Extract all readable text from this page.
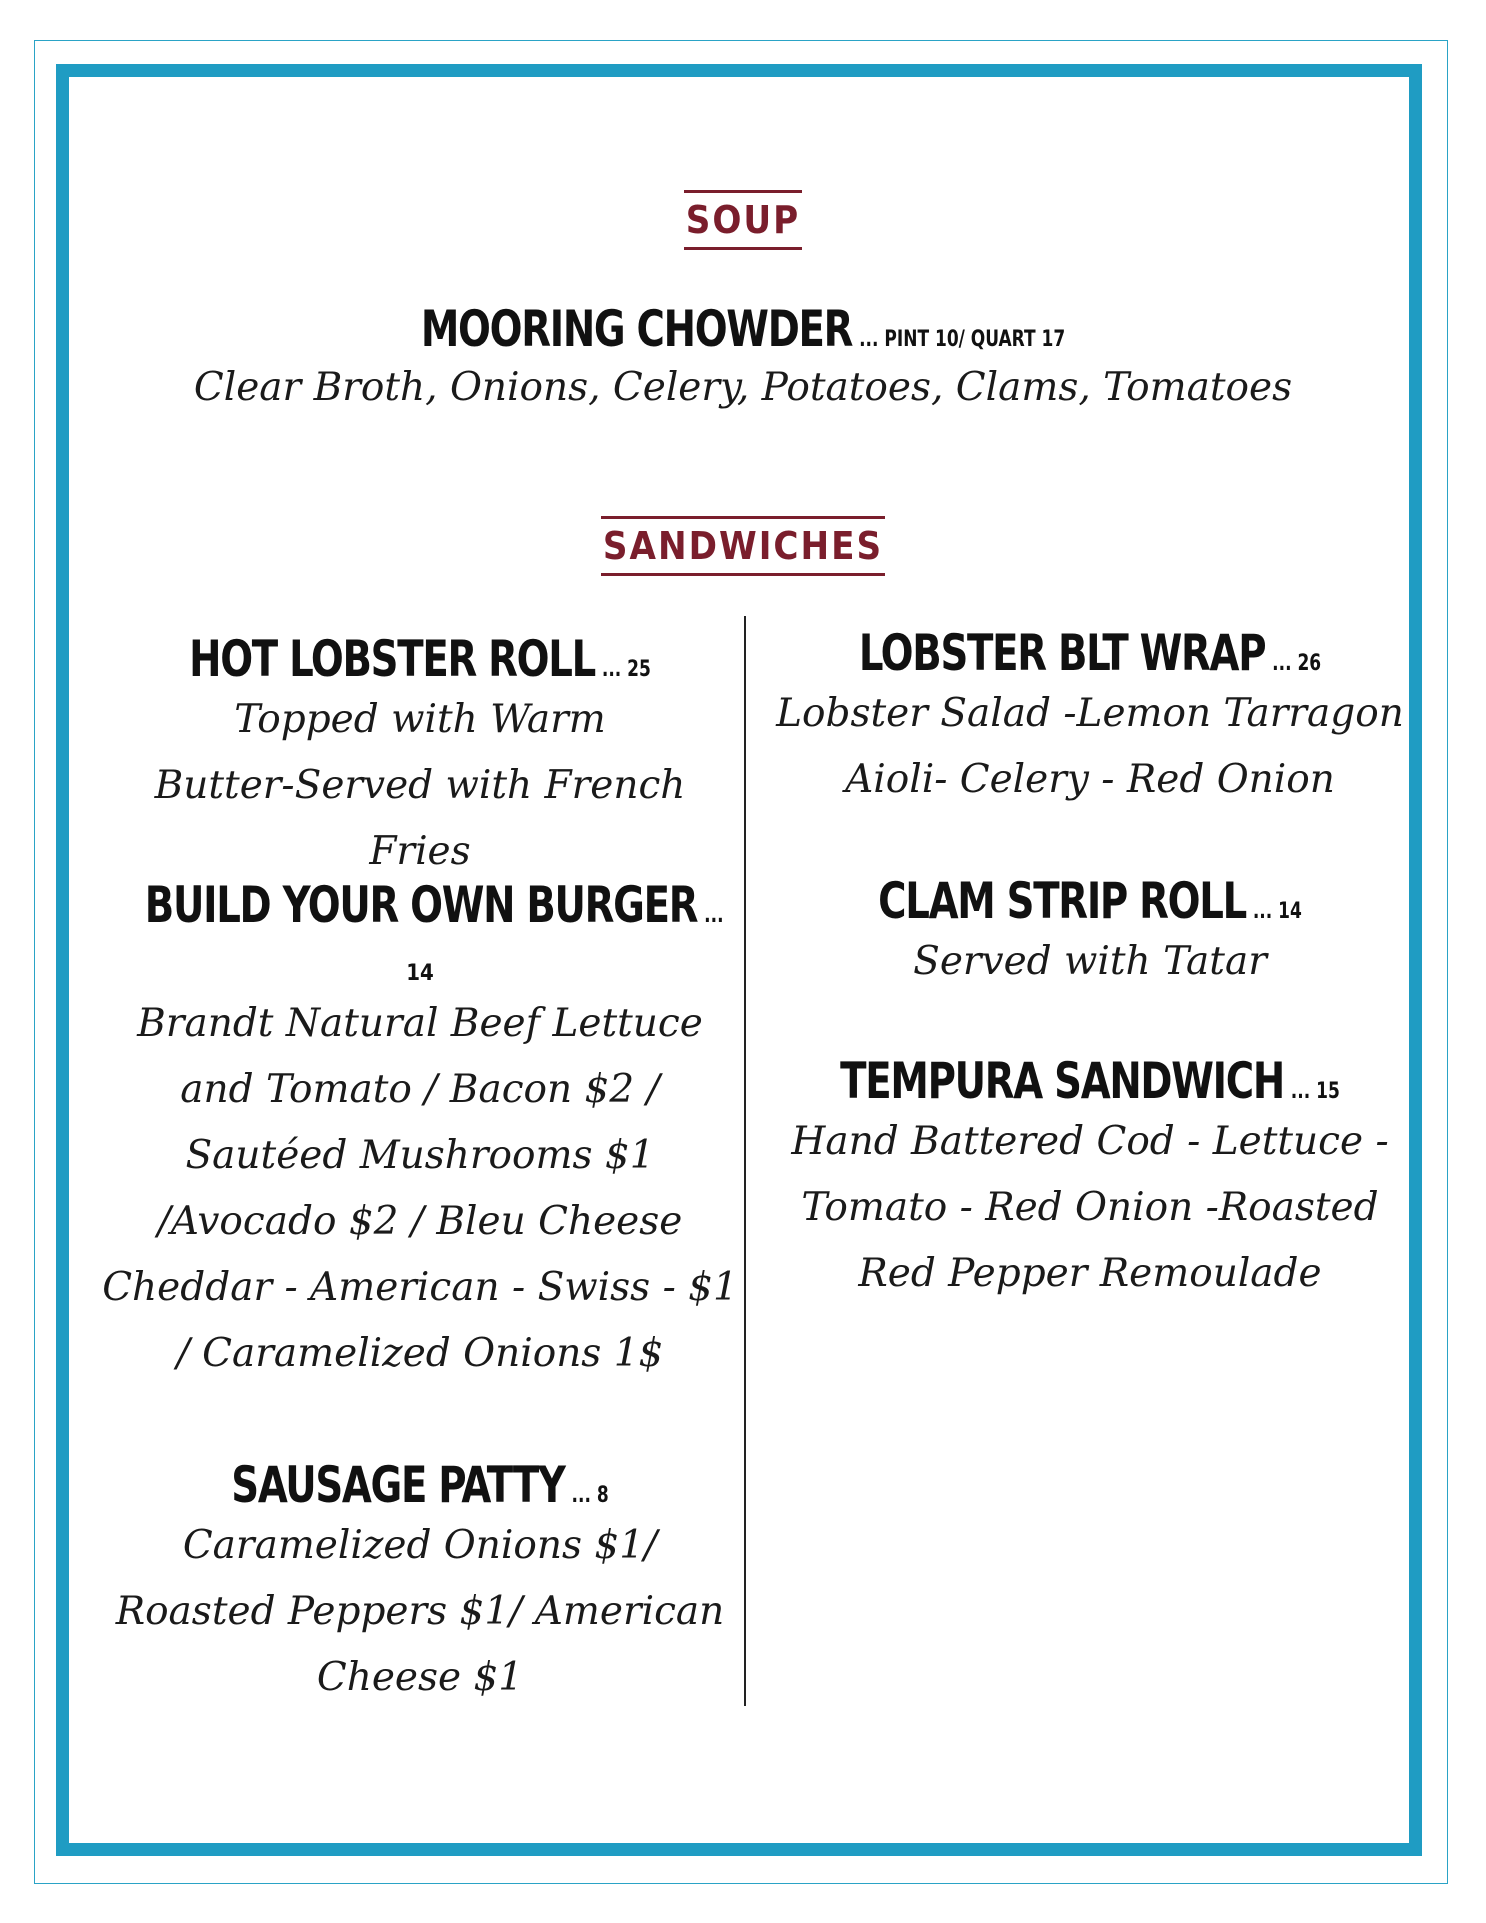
SOUP
MOORING CHOWDER ... PINT 10/ QUART 17
Clear Broth, Onions, Celery, Potatoes, Clams, Tomatoes
SANDWICHES
HOT LOBSTER ROLL ... 25
Topped with Warm
Butter-Served with French Fries
BUILD YOUR OWN BURGER ...
14
Brandt Natural Beef Lettuce
and Tomato / Bacon $2 /
Sautéed Mushrooms $1
/Avocado $2 / Bleu Cheese
Cheddar - American - Swiss - $1
/ Caramelized Onions 1$
SAUSAGE PATTY ... 8
Caramelized Onions $1/
Roasted Peppers $1/ American
Cheese $1
LOBSTER BLT WRAP ... 26
Lobster Salad -Lemon Tarragon
Aioli- Celery - Red Onion
CLAM STRIP ROLL ... 14
Served with Tatar
TEMPURA SANDWICH ... 15
Hand Battered Cod - Lettuce -
Tomato - Red Onion -Roasted
Red Pepper Remoulade
